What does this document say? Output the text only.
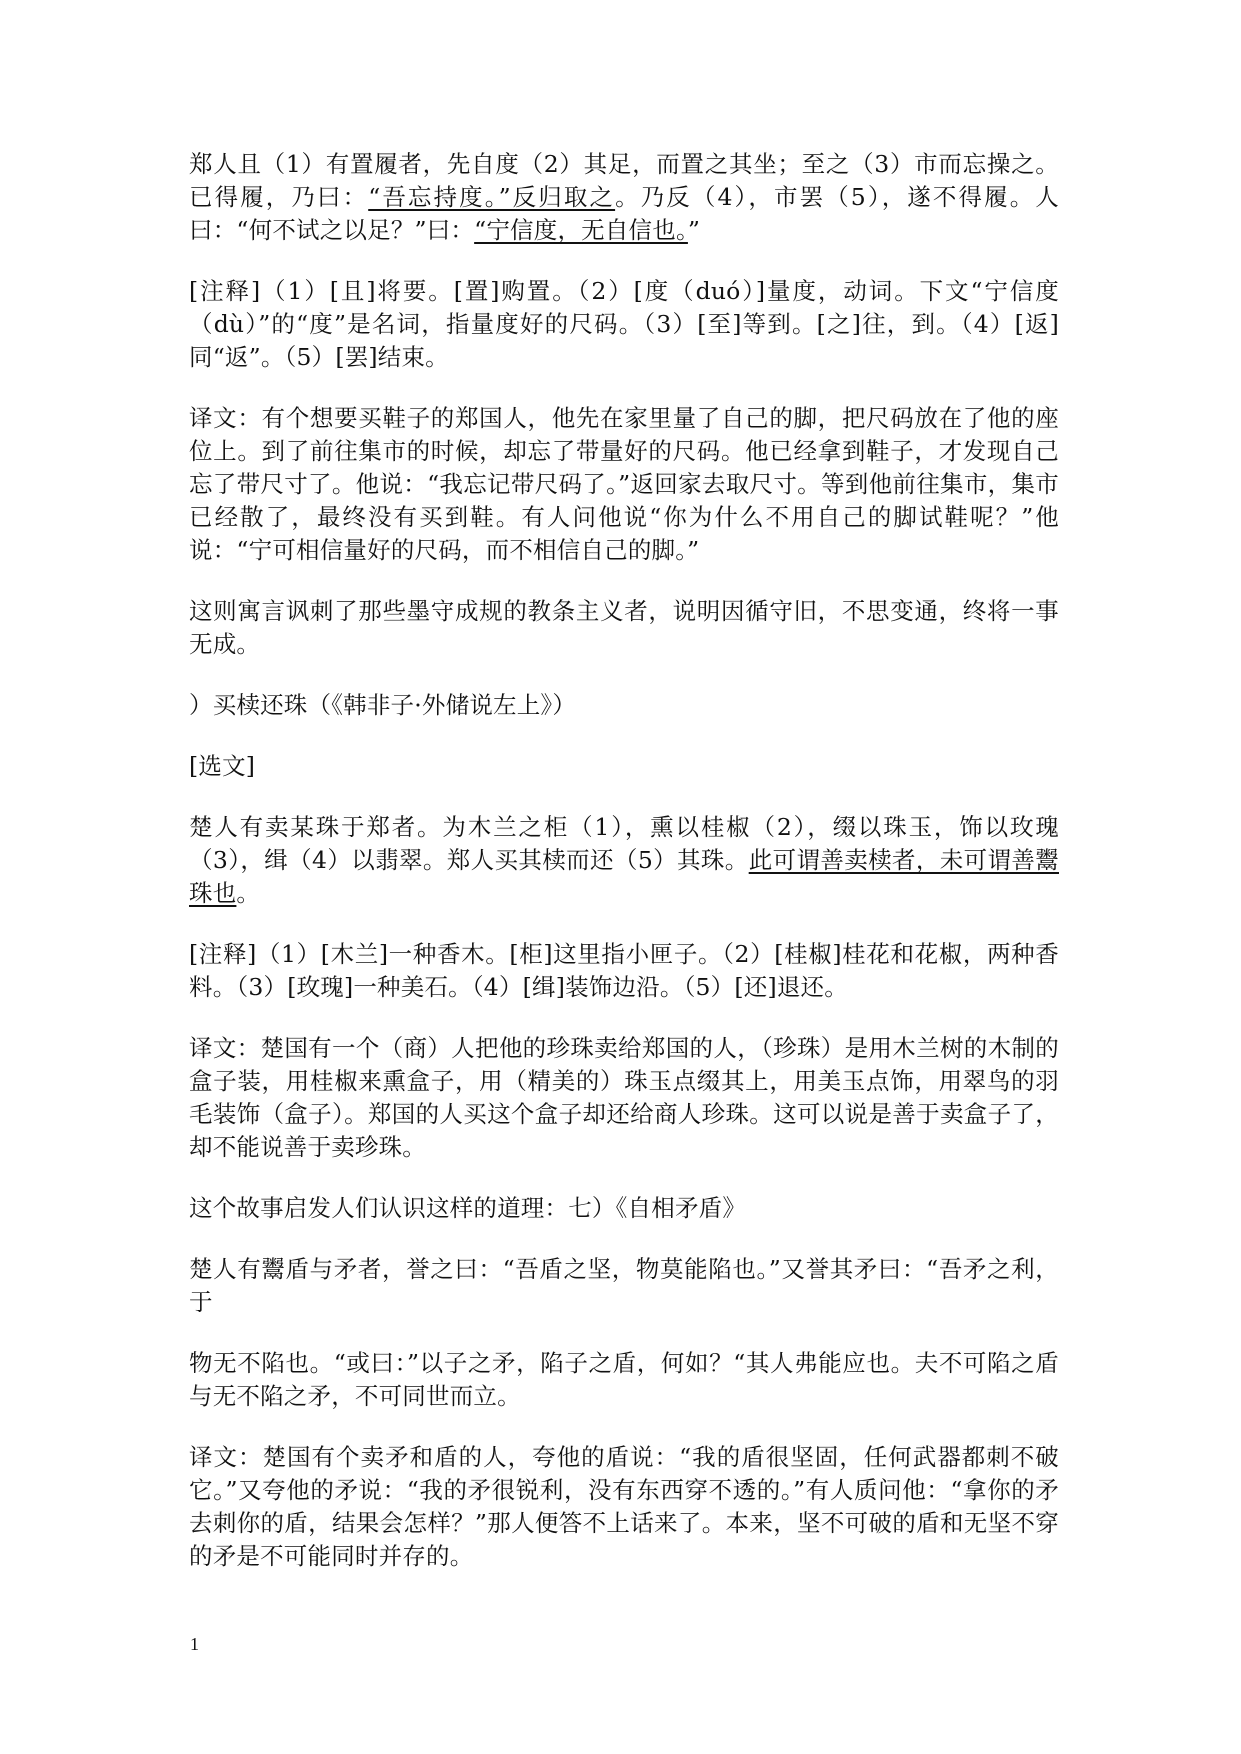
郑人且（1）有置履者，先自度（2）其足，而置之其坐；至之（3）市而忘操之。已得履，乃曰：“吾忘持度。”反归取之。乃反（4），市罢（5），遂不得履。人曰：“何不试之以足？”曰：“宁信度，无自信也。”

[注释]（1）[且]将要。[置]购置。（2）[度（duó）]量度，动词。下文“宁信度（dù）”的“度”是名词，指量度好的尺码。（3）[至]等到。[之]往，到。（4）[返]同“返”。（5）[罢]结束。

译文：有个想要买鞋子的郑国人，他先在家里量了自己的脚，把尺码放在了他的座位上。到了前往集市的时候，却忘了带量好的尺码。他已经拿到鞋子，才发现自己忘了带尺寸了。他说：“我忘记带尺码了。”返回家去取尺寸。等到他前往集市，集市已经散了，最终没有买到鞋。有人问他说“你为什么不用自己的脚试鞋呢？”他说：“宁可相信量好的尺码，而不相信自己的脚。”

这则寓言讽刺了那些墨守成规的教条主义者，说明因循守旧，不思变通，终将一事无成。

）买椟还珠（《韩非子·外储说左上》）

[选文]

楚人有卖某珠于郑者。为木兰之柜（1），熏以桂椒（2），缀以珠玉，饰以玫瑰（3），缉（4）以翡翠。郑人买其椟而还（5）其珠。此可谓善卖椟者，未可谓善鬻珠也。

[注释]（1）[木兰]一种香木。[柜]这里指小匣子。（2）[桂椒]桂花和花椒，两种香料。（3）[玫瑰]一种美石。（4）[缉]装饰边沿。（5）[还]退还。

译文：楚国有一个（商）人把他的珍珠卖给郑国的人，（珍珠）是用木兰树的木制的盒子装，用桂椒来熏盒子，用（精美的）珠玉点缀其上，用美玉点饰，用翠鸟的羽毛装饰（盒子）。郑国的人买这个盒子却还给商人珍珠。这可以说是善于卖盒子了，却不能说善于卖珍珠。

这个故事启发人们认识这样的道理：七）《自相矛盾》

楚人有鬻盾与矛者，誉之曰：“吾盾之坚，物莫能陷也。”又誉其矛曰：“吾矛之利，于

物无不陷也。“或曰：”以子之矛，陷子之盾，何如？“其人弗能应也。夫不可陷之盾与无不陷之矛，不可同世而立。

译文：楚国有个卖矛和盾的人，夸他的盾说：“我的盾很坚固，任何武器都刺不破它。”又夸他的矛说：“我的矛很锐利，没有东西穿不透的。”有人质问他：“拿你的矛去刺你的盾，结果会怎样？”那人便答不上话来了。本来，坚不可破的盾和无坚不穿的矛是不可能同时并存的。

1
